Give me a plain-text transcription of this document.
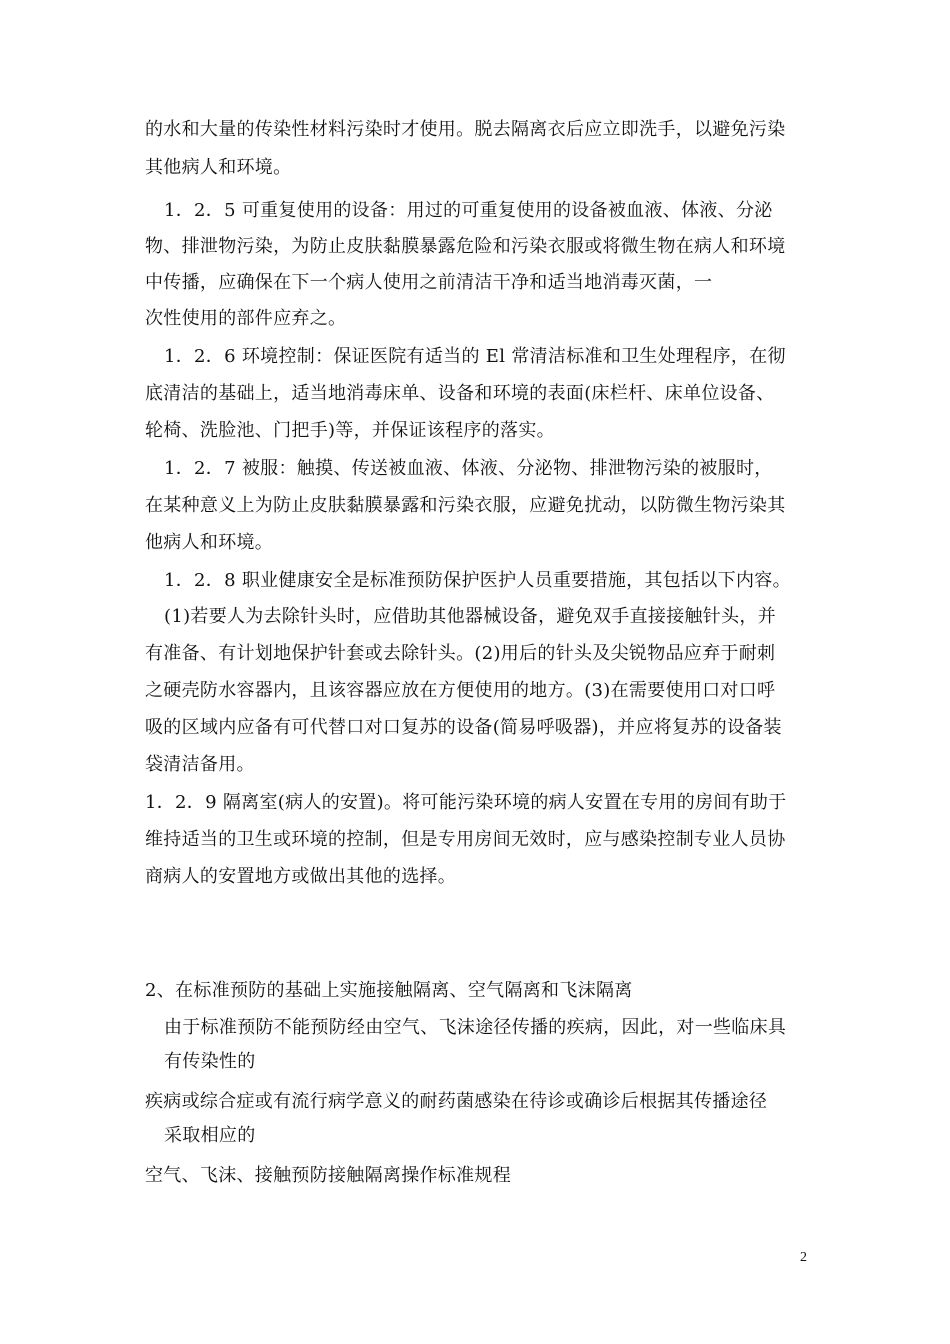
的水和大量的传染性材料污染时才使用。脱去隔离衣后应立即洗手，以避免污染
其他病人和环境。
1．2．5 可重复使用的设备：用过的可重复使用的设备被血液、体液、分泌
物、排泄物污染，为防止皮肤黏膜暴露危险和污染衣服或将微生物在病人和环境
中传播，应确保在下一个病人使用之前清洁干净和适当地消毒灭菌，一
次性使用的部件应弃之。
1．2．6 环境控制：保证医院有适当的 El 常清洁标准和卫生处理程序，在彻
底清洁的基础上，适当地消毒床单、设备和环境的表面(床栏杆、床单位设备、
轮椅、洗脸池、门把手)等，并保证该程序的落实。
1．2．7 被服：触摸、传送被血液、体液、分泌物、排泄物污染的被服时，
在某种意义上为防止皮肤黏膜暴露和污染衣服，应避免扰动，以防微生物污染其
他病人和环境。
1．2．8 职业健康安全是标准预防保护医护人员重要措施，其包括以下内容。
(1)若要人为去除针头时，应借助其他器械设备，避免双手直接接触针头，并
有准备、有计划地保护针套或去除针头。(2)用后的针头及尖锐物品应弃于耐刺
之硬壳防水容器内，且该容器应放在方便使用的地方。(3)在需要使用口对口呼
吸的区域内应备有可代替口对口复苏的设备(简易呼吸器)，并应将复苏的设备装
袋清洁备用。
1．2．9 隔离室(病人的安置)。将可能污染环境的病人安置在专用的房间有助于
维持适当的卫生或环境的控制，但是专用房间无效时，应与感染控制专业人员协
商病人的安置地方或做出其他的选择。
2、在标准预防的基础上实施接触隔离、空气隔离和飞沫隔离
由于标准预防不能预防经由空气、飞沫途径传播的疾病，因此，对一些临床具
有传染性的
疾病或综合症或有流行病学意义的耐药菌感染在待诊或确诊后根据其传播途径
采取相应的
空气、飞沫、接触预防接触隔离操作标准规程
2
